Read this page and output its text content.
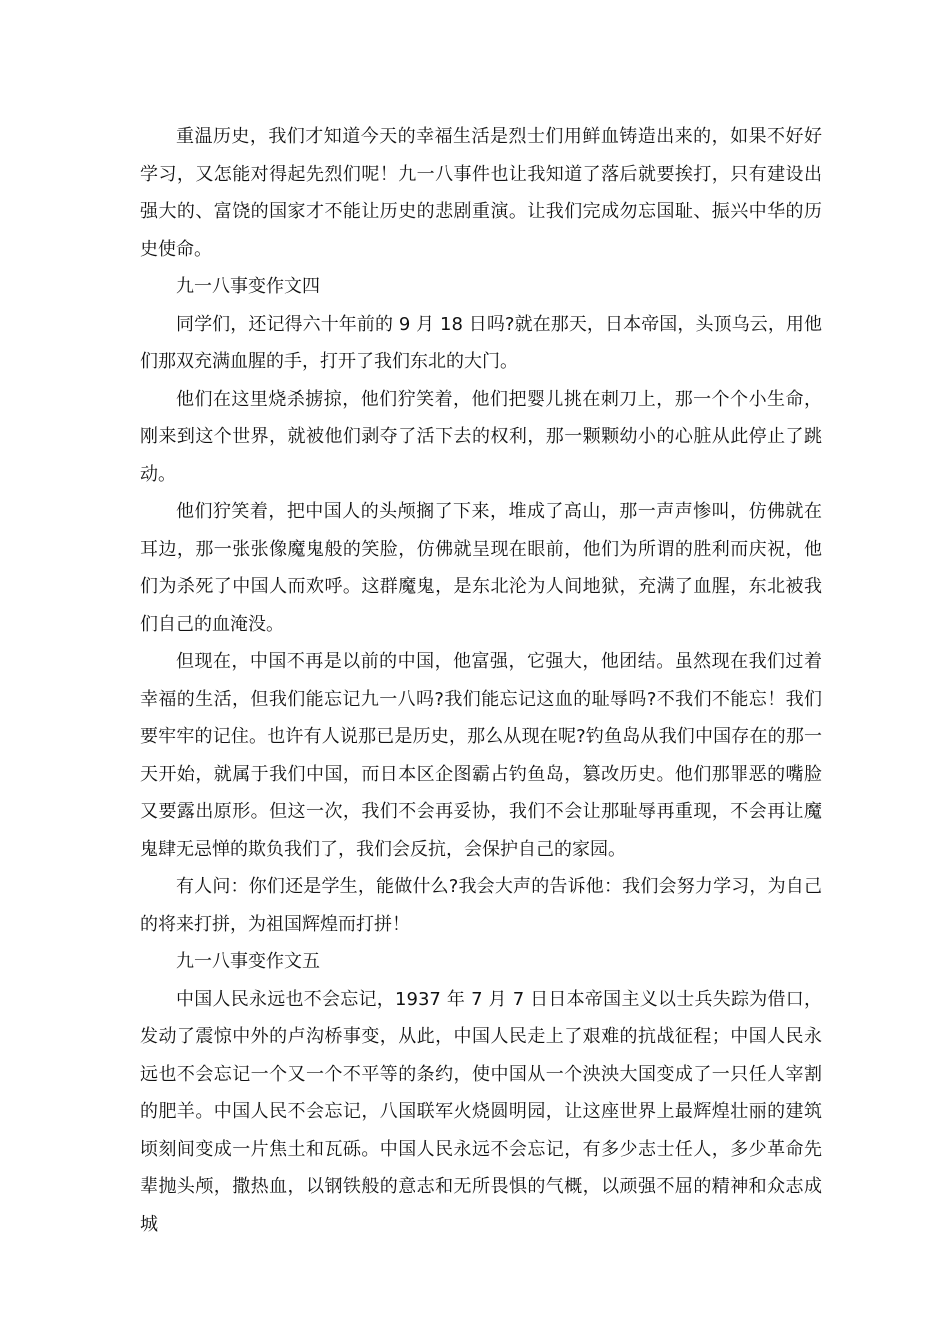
重温历史，我们才知道今天的幸福生活是烈士们用鲜血铸造出来的，如果不好好学习，又怎能对得起先烈们呢！九一八事件也让我知道了落后就要挨打，只有建设出强大的、富饶的国家才不能让历史的悲剧重演。让我们完成勿忘国耻、振兴中华的历史使命。

九一八事变作文四

同学们，还记得六十年前的 9 月 18 日吗?就在那天，日本帝国，头顶乌云，用他们那双充满血腥的手，打开了我们东北的大门。

他们在这里烧杀掳掠，他们狞笑着，他们把婴儿挑在刺刀上，那一个个小生命，刚来到这个世界，就被他们剥夺了活下去的权利，那一颗颗幼小的心脏从此停止了跳动。

他们狞笑着，把中国人的头颅搁了下来，堆成了高山，那一声声惨叫，仿佛就在耳边，那一张张像魔鬼般的笑脸，仿佛就呈现在眼前，他们为所谓的胜利而庆祝，他们为杀死了中国人而欢呼。这群魔鬼，是东北沦为人间地狱，充满了血腥，东北被我们自己的血淹没。

但现在，中国不再是以前的中国，他富强，它强大，他团结。虽然现在我们过着幸福的生活，但我们能忘记九一八吗?我们能忘记这血的耻辱吗?不我们不能忘！我们要牢牢的记住。也许有人说那已是历史，那么从现在呢?钓鱼岛从我们中国存在的那一天开始，就属于我们中国，而日本区企图霸占钓鱼岛，篡改历史。他们那罪恶的嘴脸又要露出原形。但这一次，我们不会再妥协，我们不会让那耻辱再重现，不会再让魔鬼肆无忌惮的欺负我们了，我们会反抗，会保护自己的家园。

有人问：你们还是学生，能做什么?我会大声的告诉他：我们会努力学习，为自己的将来打拼，为祖国辉煌而打拼！

九一八事变作文五

中国人民永远也不会忘记，1937 年 7 月 7 日日本帝国主义以士兵失踪为借口，发动了震惊中外的卢沟桥事变，从此，中国人民走上了艰难的抗战征程；中国人民永远也不会忘记一个又一个不平等的条约，使中国从一个泱泱大国变成了一只任人宰割的肥羊。中国人民不会忘记，八国联军火烧圆明园，让这座世界上最辉煌壮丽的建筑顷刻间变成一片焦土和瓦砾。中国人民永远不会忘记，有多少志士任人，多少革命先辈抛头颅，撒热血，以钢铁般的意志和无所畏惧的气概，以顽强不屈的精神和众志成城
